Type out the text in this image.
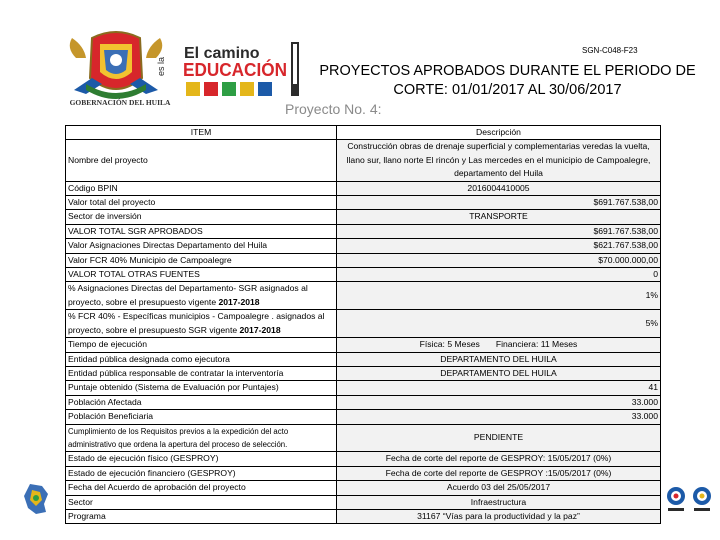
GOBERNACIÓN DEL HUILA
es la
El camino
EDUCACIÓN
SGN-C048-F23
PROYECTOS APROBADOS DURANTE EL PERIODO DE CORTE: 01/01/2017 AL 30/06/2017
Proyecto No. 4:
ITEM	Descripción
Nombre del proyecto	Construcción obras de drenaje superficial y complementarias veredas la vuelta, llano sur, llano norte El rincón y Las mercedes en el municipio de Campoalegre, departamento del Huila
Código BPIN	2016004410005
Valor total del proyecto	$691.767.538,00
Sector de inversión	TRANSPORTE
VALOR TOTAL SGR APROBADOS	$691.767.538,00
Valor Asignaciones Directas Departamento del Huila	$621.767.538,00
Valor FCR 40% Municipio de Campoalegre	$70.000.000,00
VALOR TOTAL OTRAS FUENTES	0
% Asignaciones Directas del Departamento- SGR asignados al proyecto, sobre el presupuesto vigente 2017-2018	1%
% FCR 40% - Específicas municipios - Campoalegre . asignados al proyecto, sobre el presupuesto SGR vigente 2017-2018	5%
Tiempo de ejecución	Física: 5 Meses Financiera: 11 Meses
Entidad pública designada como ejecutora	DEPARTAMENTO DEL HUILA
Entidad pública responsable de contratar la interventoría	DEPARTAMENTO DEL HUILA
Puntaje obtenido (Sistema de Evaluación por Puntajes)	41
Población Afectada	33.000
Población Beneficiaria	33.000
Cumplimiento de los Requisitos previos a la expedición del acto administrativo que ordena la apertura del proceso de selección.	PENDIENTE
Estado de ejecución físico (GESPROY)	Fecha de corte del reporte de GESPROY: 15/05/2017 (0%)
Estado de ejecución financiero (GESPROY)	Fecha de corte del reporte de GESPROY :15/05/2017 (0%)
Fecha del Acuerdo de aprobación del proyecto	Acuerdo 03 del 25/05/2017
Sector	Infraestructura
Programa	31167 “Vías para la productividad y la paz”
